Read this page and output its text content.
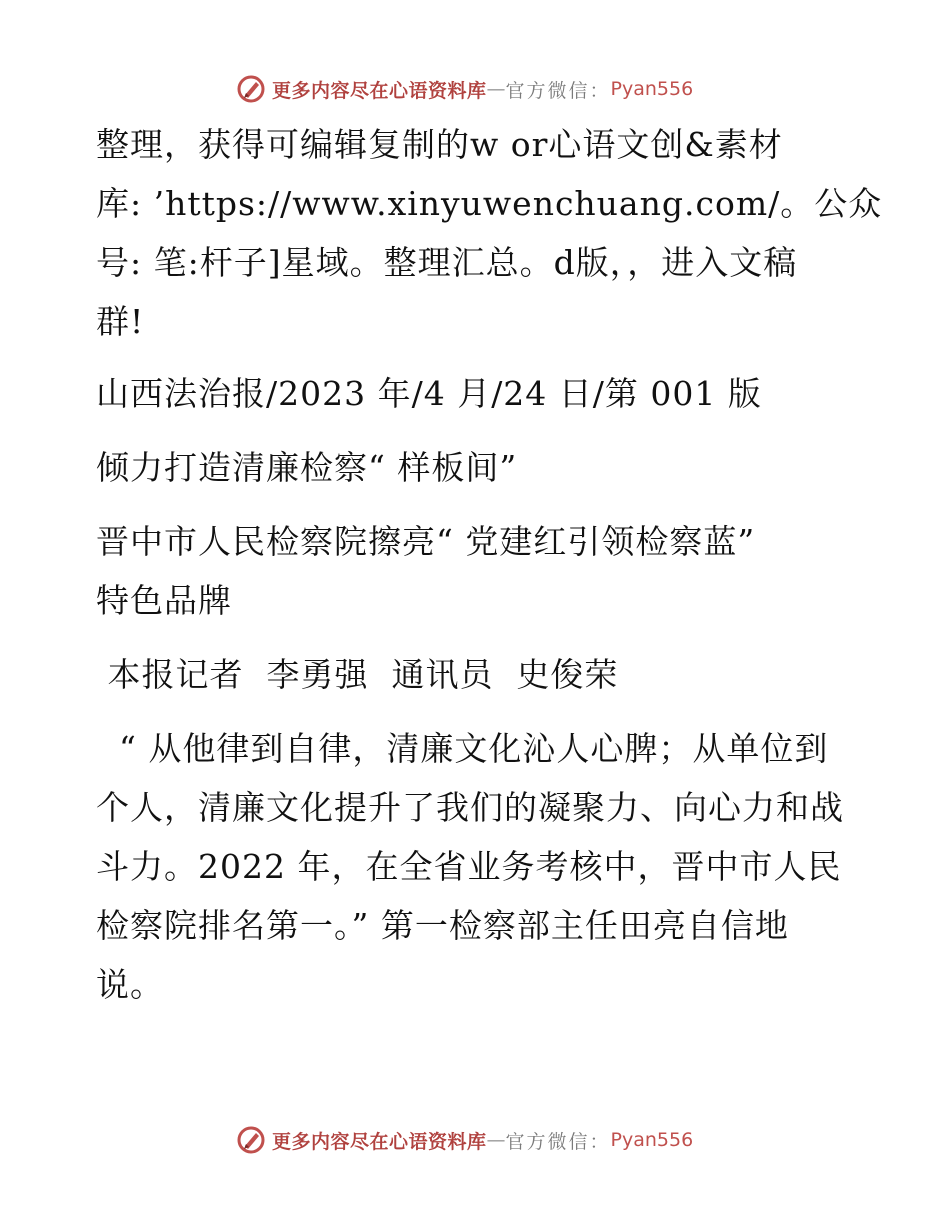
更多内容尽在心语资料库 — 官方微信： Pyan556
整理，获得可编辑复制的w or心语文创&素材
库: ’https://www.xinyuwenchuang.com/。公众
号: 笔:杆子]星域。整理汇总。d版，，进入文稿
群!
山西法治报/2023 年/4 月/24 日/第 001 版
倾力打造清廉检察“ 样板间”
晋中市人民检察院擦亮“ 党建红引领检察蓝”
特色品牌
本报记者  李勇强  通讯员  史俊荣
“ 从他律到自律，清廉文化沁人心脾；从单位到
个人，清廉文化提升了我们的凝聚力、向心力和战
斗力。2022 年，在全省业务考核中，晋中市人民
检察院排名第一。” 第一检察部主任田亮自信地
说。
更多内容尽在心语资料库 — 官方微信： Pyan556
